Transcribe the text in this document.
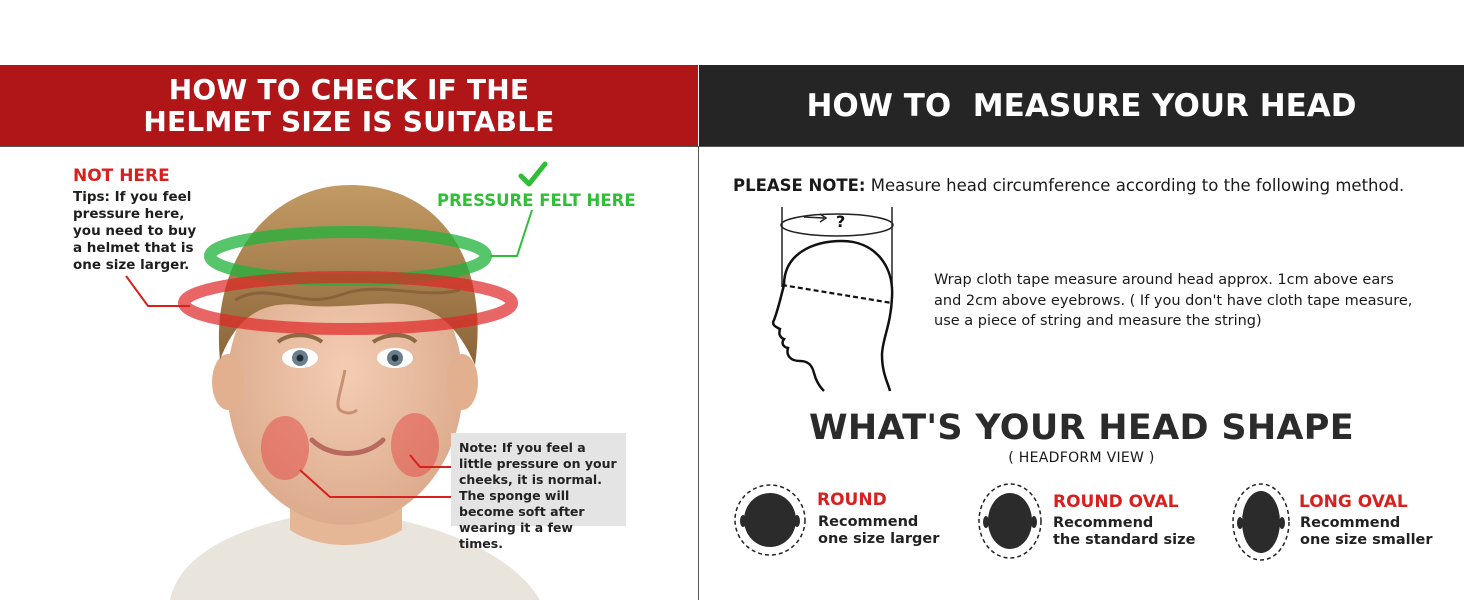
HOW TO CHECK IF THE
HELMET SIZE IS SUITABLE	HOW TO  MEASURE YOUR HEAD
NOT HERE
Tips: If you feel pressure here, you need to buy a helmet that is one size larger.
PRESSURE FELT HERE
Note: If you feel a little pressure on your cheeks, it is normal. The sponge will become soft after wearing it a few times.
PLEASE NOTE: Measure head circumference according to the following method.
?
Wrap cloth tape measure around head approx. 1cm above ears and 2cm above eyebrows. ( If you don't have cloth tape measure, use a piece of string and measure the string)
WHAT'S YOUR HEAD SHAPE
( HEADFORM VIEW )
ROUND
Recommend
one size larger
ROUND OVAL
Recommend
the standard size
LONG OVAL
Recommend
one size smaller
